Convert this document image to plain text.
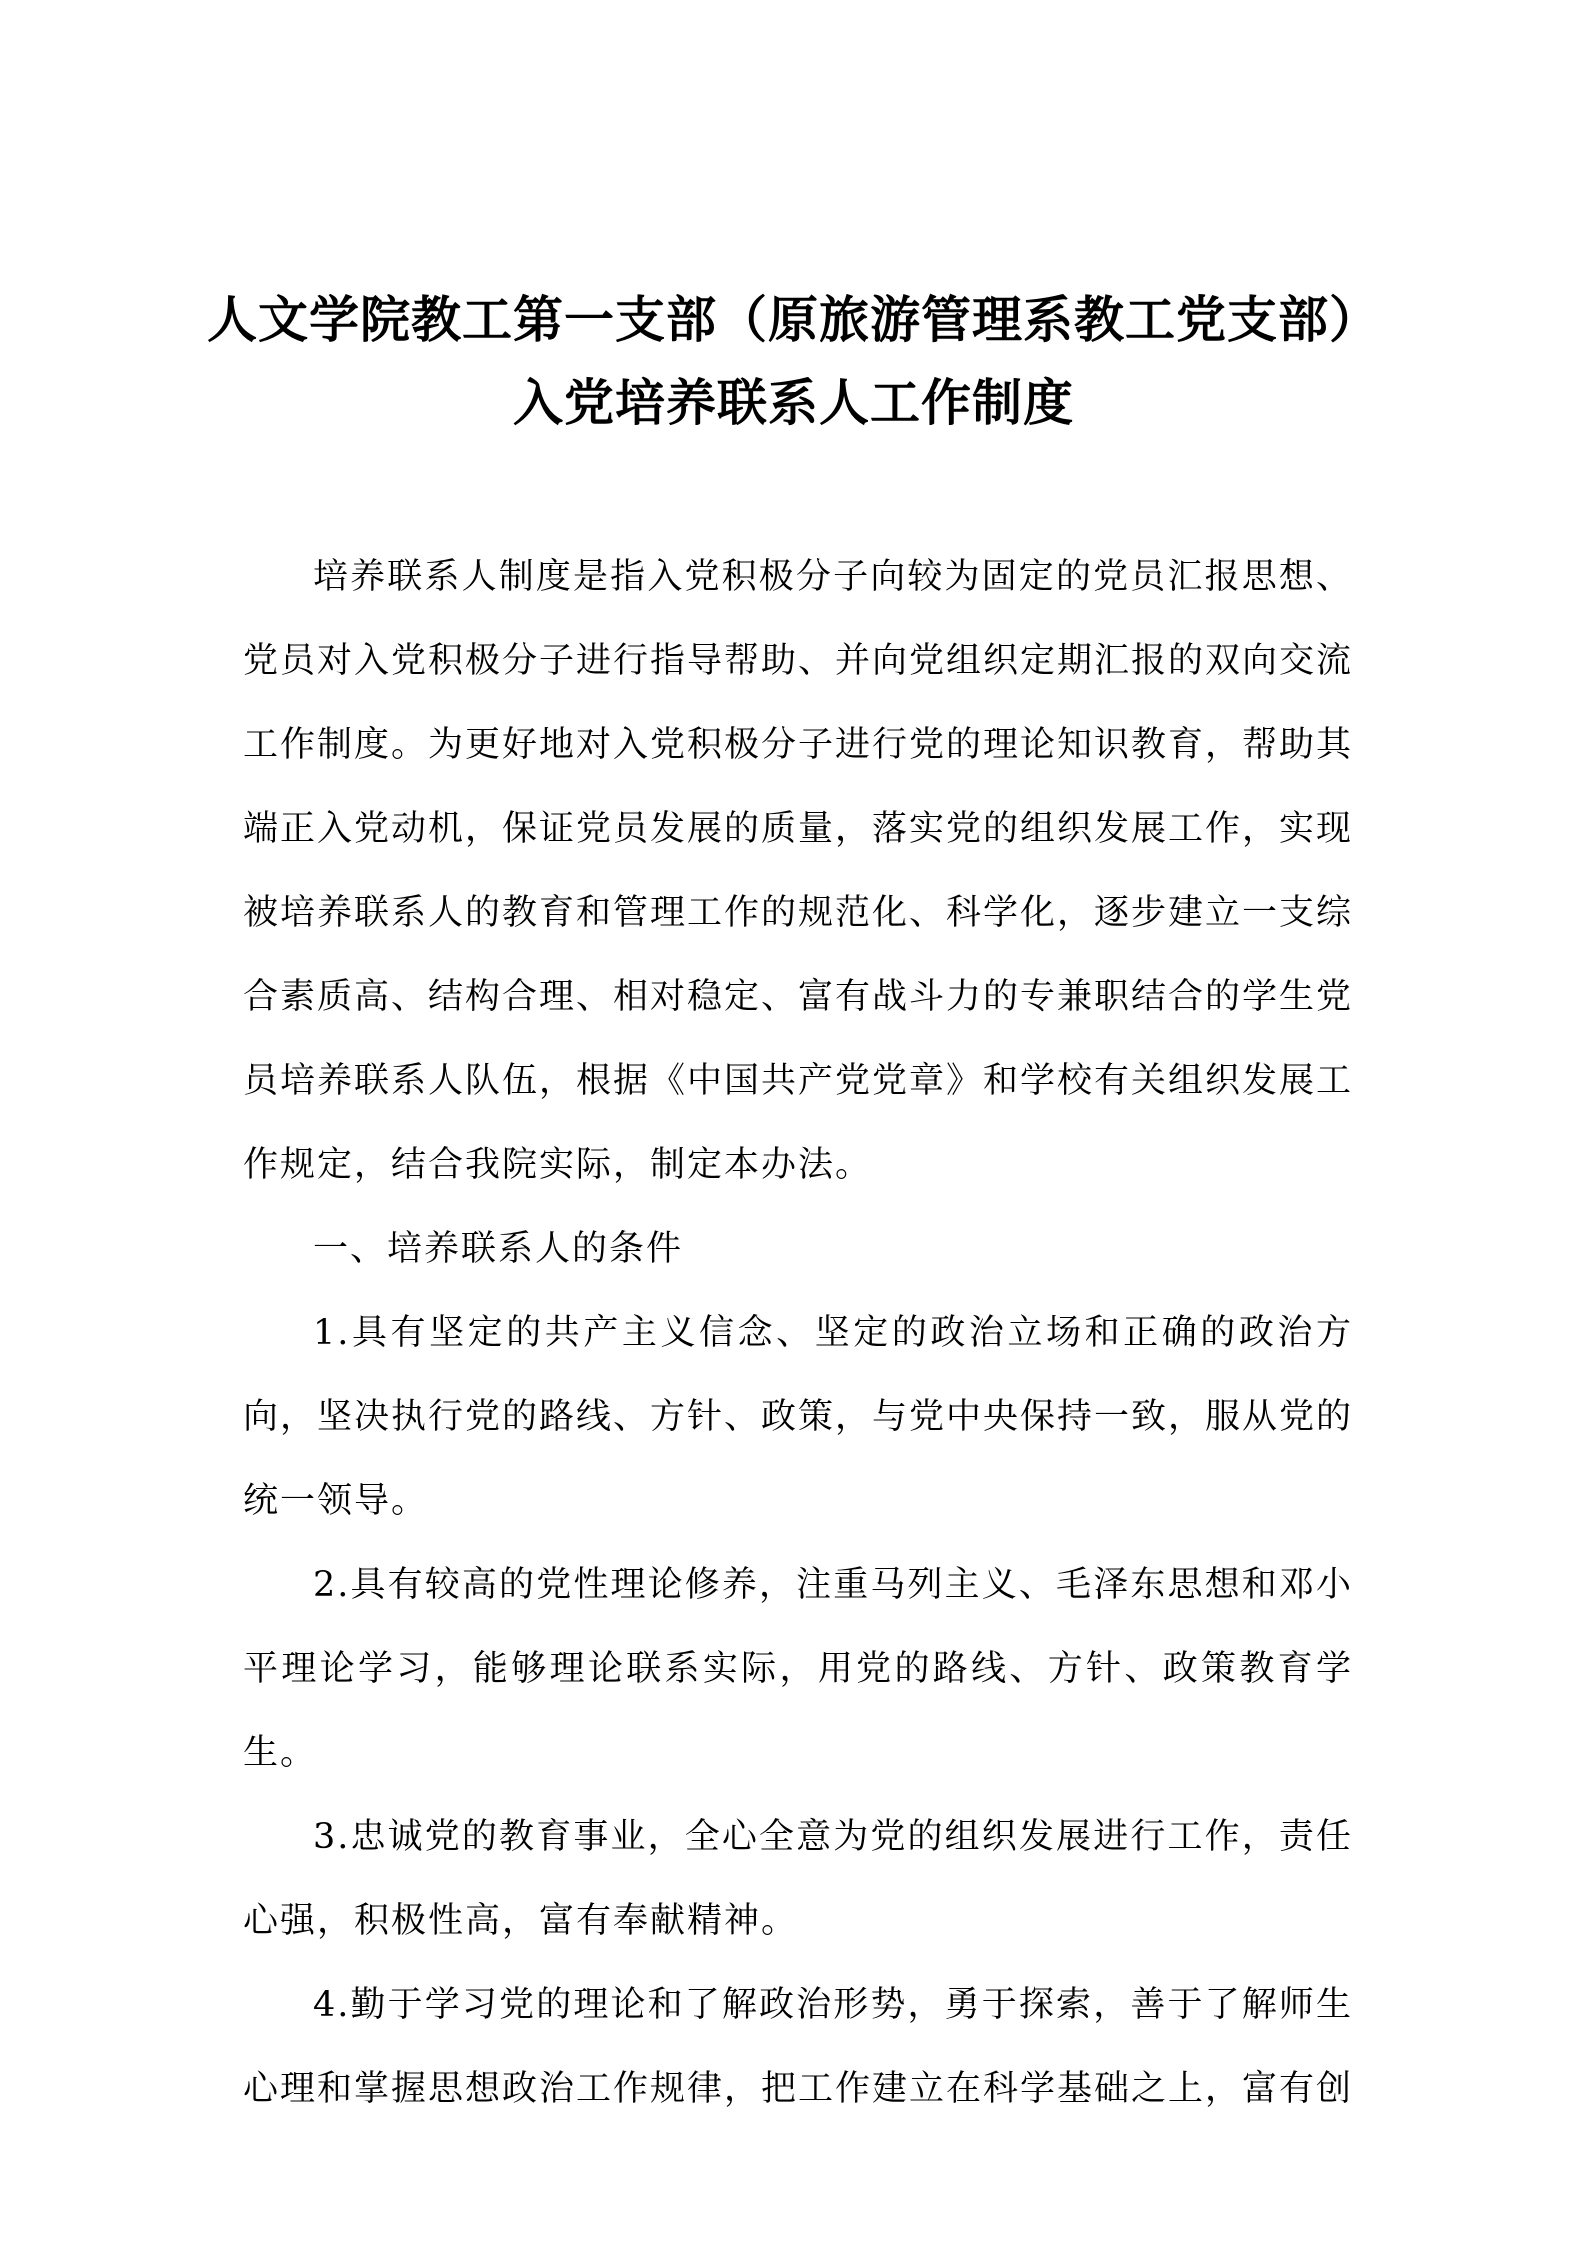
人文学院教工第一支部（原旅游管理系教工党支部）
入党培养联系人工作制度

培养联系人制度是指入党积极分子向较为固定的党员汇报思想、党员对入党积极分子进行指导帮助、并向党组织定期汇报的双向交流工作制度。为更好地对入党积极分子进行党的理论知识教育，帮助其端正入党动机，保证党员发展的质量，落实党的组织发展工作，实现被培养联系人的教育和管理工作的规范化、科学化，逐步建立一支综合素质高、结构合理、相对稳定、富有战斗力的专兼职结合的学生党员培养联系人队伍，根据《中国共产党党章》和学校有关组织发展工作规定，结合我院实际，制定本办法。

一、培养联系人的条件

1.具有坚定的共产主义信念、坚定的政治立场和正确的政治方向，坚决执行党的路线、方针、政策，与党中央保持一致，服从党的统一领导。

2.具有较高的党性理论修养，注重马列主义、毛泽东思想和邓小平理论学习，能够理论联系实际，用党的路线、方针、政策教育学生。

3.忠诚党的教育事业，全心全意为党的组织发展进行工作，责任心强，积极性高，富有奉献精神。

4.勤于学习党的理论和了解政治形势，勇于探索，善于了解师生心理和掌握思想政治工作规律，把工作建立在科学基础之上，富有创
